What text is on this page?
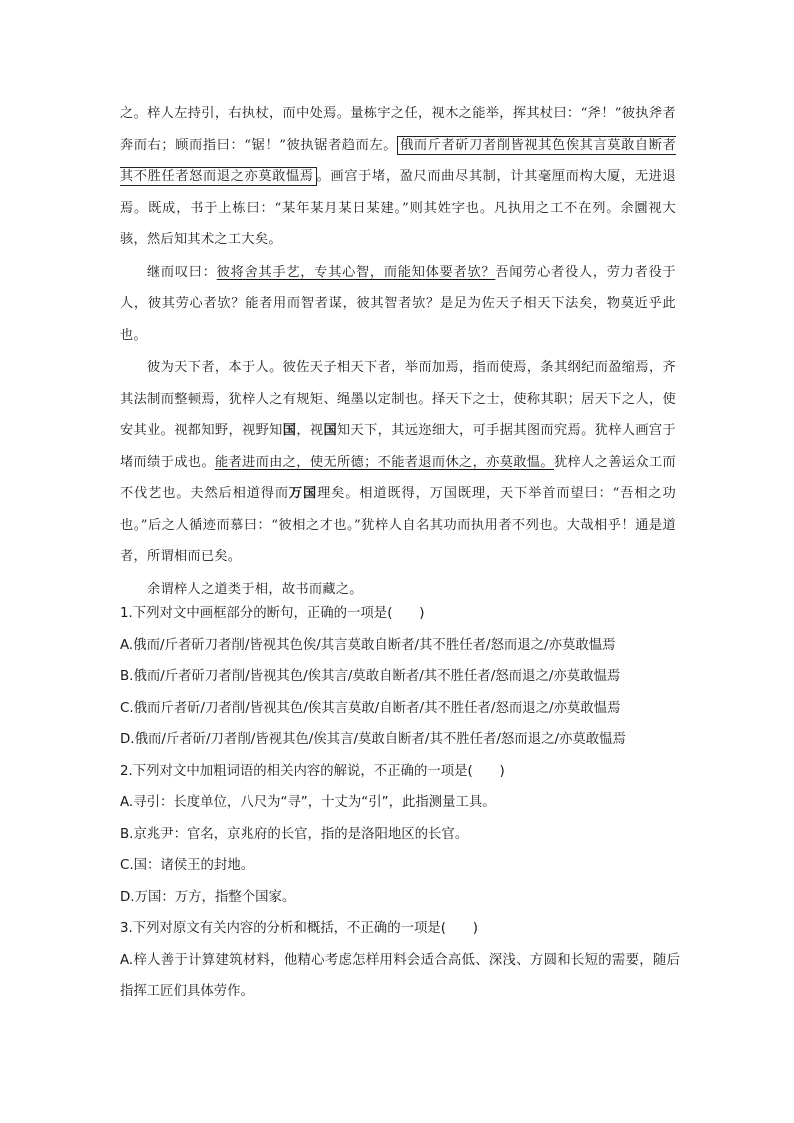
之。梓人左持引，右执杖，而中处焉。量栋宇之任，视木之能举，挥其杖曰：“斧！”彼执斧者奔而右；顾而指曰：“锯！”彼执锯者趋而左。 俄而斤者斫刀者削皆视其色俟其言莫敢自断者其不胜任者怒而退之亦莫敢愠焉 。画宫于堵，盈尺而曲尽其制，计其毫厘而构大厦，无进退焉。既成，书于上栋曰：“某年某月某日某建。”则其姓字也。凡执用之工不在列。余圜视大骇，然后知其术之工大矣。

继而叹曰：彼将舍其手艺，专其心智，而能知体要者欤？吾闻劳心者役人，劳力者役于人，彼其劳心者欤？能者用而智者谋，彼其智者欤？是足为佐天子相天下法矣，物莫近乎此也。

彼为天下者，本于人。彼佐天子相天下者，举而加焉，指而使焉，条其纲纪而盈缩焉，齐其法制而整顿焉，犹梓人之有规矩、绳墨以定制也。择天下之士，使称其职；居天下之人，使安其业。视都知野，视野知国，视国知天下，其远迩细大，可手据其图而究焉。犹梓人画宫于堵而绩于成也。能者进而由之，使无所德；不能者退而休之，亦莫敢愠。犹梓人之善运众工而不伐艺也。夫然后相道得而万国理矣。相道既得，万国既理，天下举首而望曰：“吾相之功也。”后之人循迹而慕曰：“彼相之才也。”犹梓人自名其功而执用者不列也。大哉相乎！通是道者，所谓相而已矣。

余谓梓人之道类于相，故书而藏之。

1.下列对文中画框部分的断句，正确的一项是(　　)

A.俄而/斤者斫刀者削/皆视其色俟/其言莫敢自断者/其不胜任者/怒而退之/亦莫敢愠焉

B.俄而/斤者斫刀者削/皆视其色/俟其言/莫敢自断者/其不胜任者/怒而退之/亦莫敢愠焉

C.俄而斤者斫/刀者削/皆视其色/俟其言莫敢/自断者/其不胜任者/怒而退之/亦莫敢愠焉

D.俄而/斤者斫/刀者削/皆视其色/俟其言/莫敢自断者/其不胜任者/怒而退之/亦莫敢愠焉

2.下列对文中加粗词语的相关内容的解说，不正确的一项是(　　)

A.寻引：长度单位，八尺为“寻”，十丈为“引”，此指测量工具。

B.京兆尹：官名，京兆府的长官，指的是洛阳地区的长官。

C.国：诸侯王的封地。

D.万国：万方，指整个国家。

3.下列对原文有关内容的分析和概括，不正确的一项是(　　)

A.梓人善于计算建筑材料，他精心考虑怎样用料会适合高低、深浅、方圆和长短的需要，随后指挥工匠们具体劳作。
